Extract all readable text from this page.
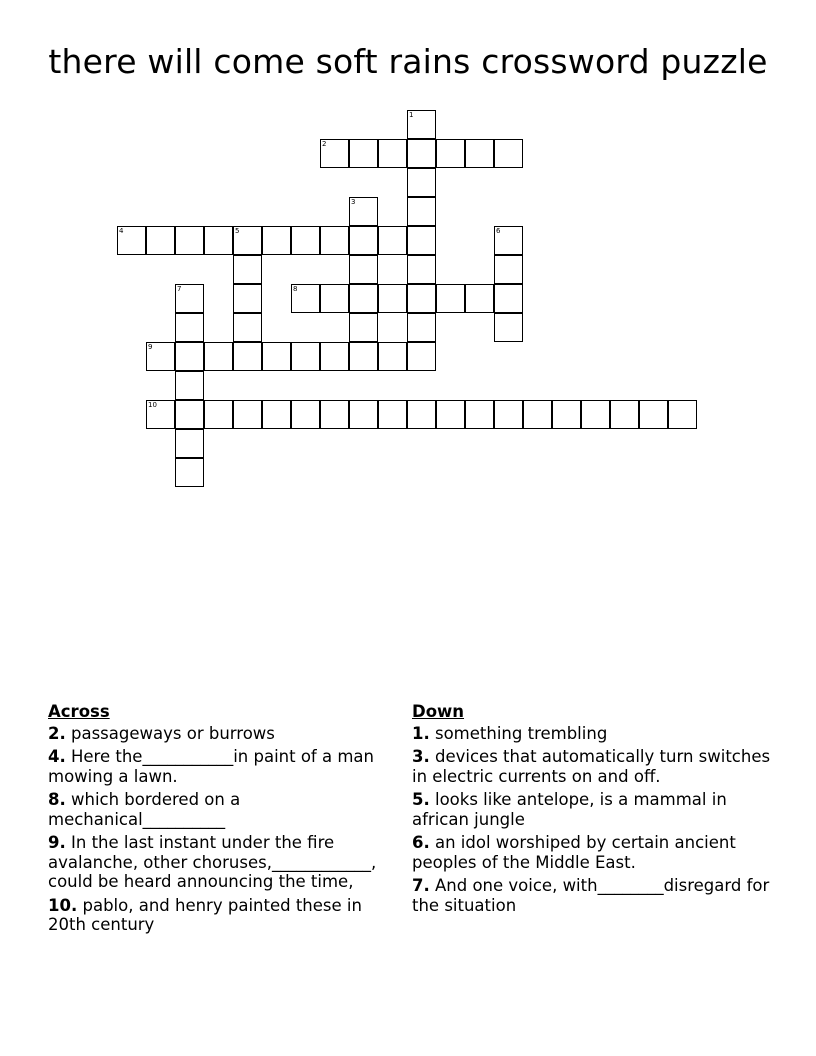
there will come soft rains crossword puzzle
1
2
3
4	5	6
7	8
9
10
Across
2. passageways or burrows
4. Here the___________in paint of a man mowing a lawn.
8. which bordered on a mechanical__________
9. In the last instant under the fire avalanche, other choruses,____________, could be heard announcing the time,
10. pablo, and henry painted these in 20th century
Down
1. something trembling
3. devices that automatically turn switches in electric currents on and off.
5. looks like antelope, is a mammal in african jungle
6. an idol worshiped by certain ancient peoples of the Middle East.
7. And one voice, with________disregard for the situation
